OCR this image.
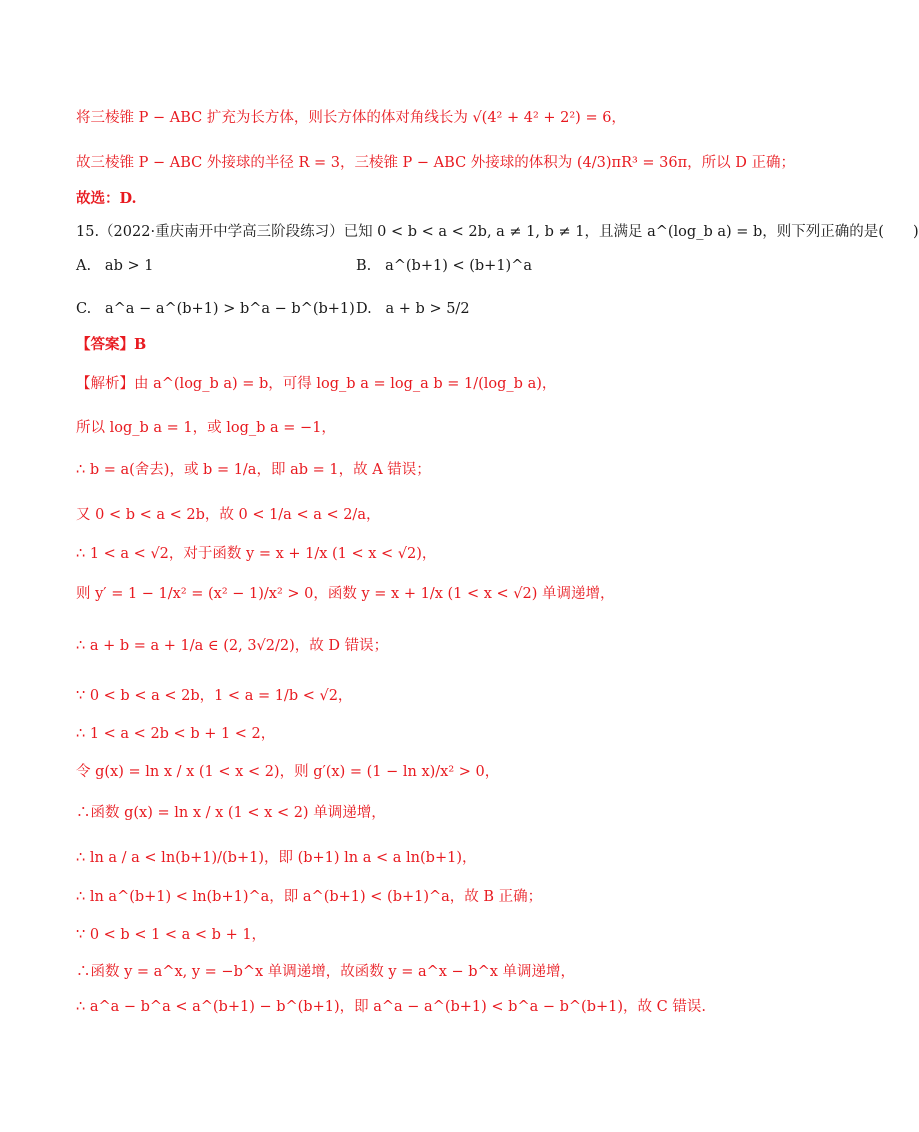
将三棱锥 P − ABC 扩充为长方体，则长方体的体对角线长为 √(4² + 4² + 2²) = 6，
故三棱锥 P − ABC 外接球的半径 R = 3，三棱锥 P − ABC 外接球的体积为 (4/3)πR³ = 36π，所以 D 正确；
故选：D.
15.（2022·重庆南开中学高三阶段练习）已知 0 < b < a < 2b, a ≠ 1, b ≠ 1，且满足 a^(log_b a) = b，则下列正确的是(　　)
A. ab > 1	B. a^(b+1) < (b+1)^a
C. a^a − a^(b+1) > b^a − b^(b+1) D. a + b > 5/2
【答案】B
【解析】由 a^(log_b a) = b，可得 log_b a = log_a b = 1/(log_b a)，
所以 log_b a = 1，或 log_b a = −1，
∴ b = a(舍去)，或 b = 1/a，即 ab = 1，故 A 错误；
又 0 < b < a < 2b，故 0 < 1/a < a < 2/a，
∴ 1 < a < √2，对于函数 y = x + 1/x (1 < x < √2)，
则 y′ = 1 − 1/x² = (x² − 1)/x² > 0，函数 y = x + 1/x (1 < x < √2) 单调递增，
∴ a + b = a + 1/a ∈ (2, 3√2/2)，故 D 错误；
∵ 0 < b < a < 2b，1 < a = 1/b < √2，
∴ 1 < a < 2b < b + 1 < 2，
令 g(x) = ln x / x (1 < x < 2)，则 g′(x) = (1 − ln x)/x² > 0，
∴函数 g(x) = ln x / x (1 < x < 2) 单调递增，
∴ ln a / a < ln(b+1)/(b+1)，即 (b+1) ln a < a ln(b+1)，
∴ ln a^(b+1) < ln(b+1)^a，即 a^(b+1) < (b+1)^a，故 B 正确；
∵ 0 < b < 1 < a < b + 1，
∴函数 y = a^x, y = −b^x 单调递增，故函数 y = a^x − b^x 单调递增，
∴ a^a − b^a < a^(b+1) − b^(b+1)，即 a^a − a^(b+1) < b^a − b^(b+1)，故 C 错误.
